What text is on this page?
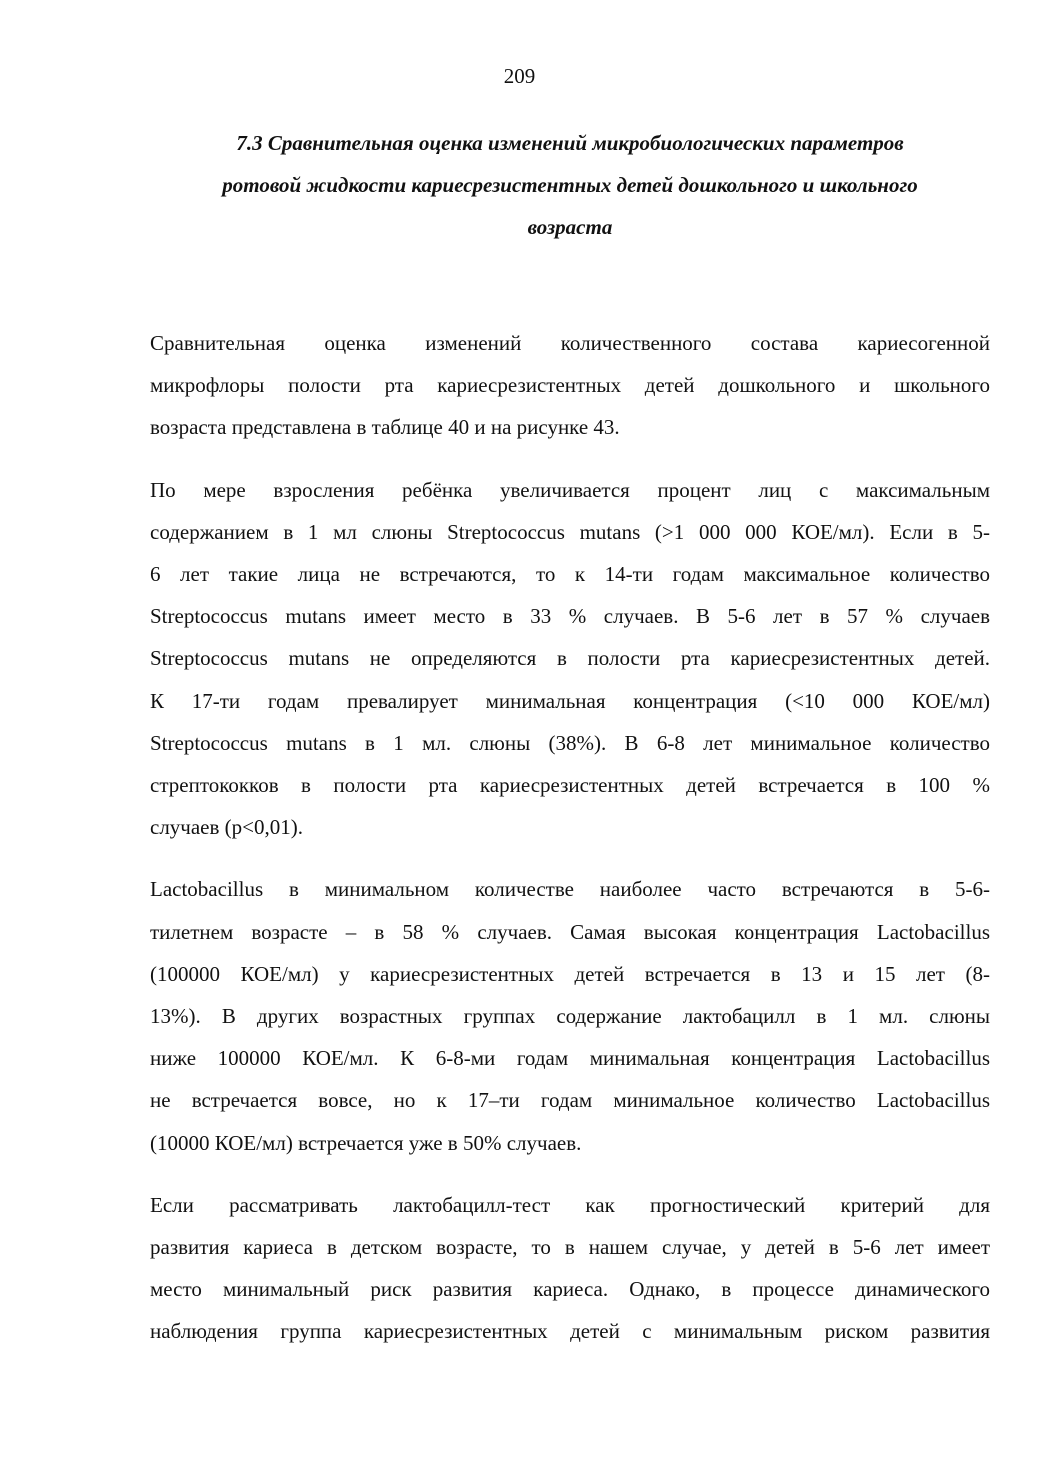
209
7.3 Сравнительная оценка изменений микробиологических параметров
ротовой жидкости кариесрезистентных детей дошкольного и школьного
возраста
Сравнительная оценка изменений количественного состава кариесогенной
микрофлоры полости рта кариесрезистентных детей дошкольного и школьного
возраста представлена в таблице 40 и на рисунке 43.
По мере взросления ребёнка увеличивается процент лиц с максимальным
содержанием в 1 мл слюны Streptococcus mutans (>1 000 000 КОЕ/мл). Если в 5-
6 лет такие лица не встречаются, то к 14-ти годам максимальное количество
Streptococcus mutans имеет место в 33 % случаев. В 5-6 лет в 57 % случаев
Streptococcus mutans не определяются в полости рта кариесрезистентных детей.
К 17-ти годам превалирует минимальная концентрация (<10 000 КОЕ/мл)
Streptococcus mutans в 1 мл. слюны (38%). В 6-8 лет минимальное количество
стрептококков в полости рта кариесрезистентных детей встречается в 100 %
случаев (р<0,01).
Lactobacillus в минимальном количестве наиболее часто встречаются в 5-6-
тилетнем возрасте – в 58 % случаев. Самая высокая концентрация Lactobacillus
(100000 КОЕ/мл) у кариесрезистентных детей встречается в 13 и 15 лет (8-
13%). В других возрастных группах содержание лактобацилл в 1 мл. слюны
ниже 100000 КОЕ/мл. К 6-8-ми годам минимальная концентрация Lactobacillus
не встречается вовсе, но к 17–ти годам минимальное количество Lactobacillus
(10000 КОЕ/мл) встречается уже в 50% случаев.
Если рассматривать лактобацилл-тест как прогностический критерий для
развития кариеса в детском возрасте, то в нашем случае, у детей в 5-6 лет имеет
место минимальный риск развития кариеса. Однако, в процессе динамического
наблюдения группа кариесрезистентных детей с минимальным риском развития
